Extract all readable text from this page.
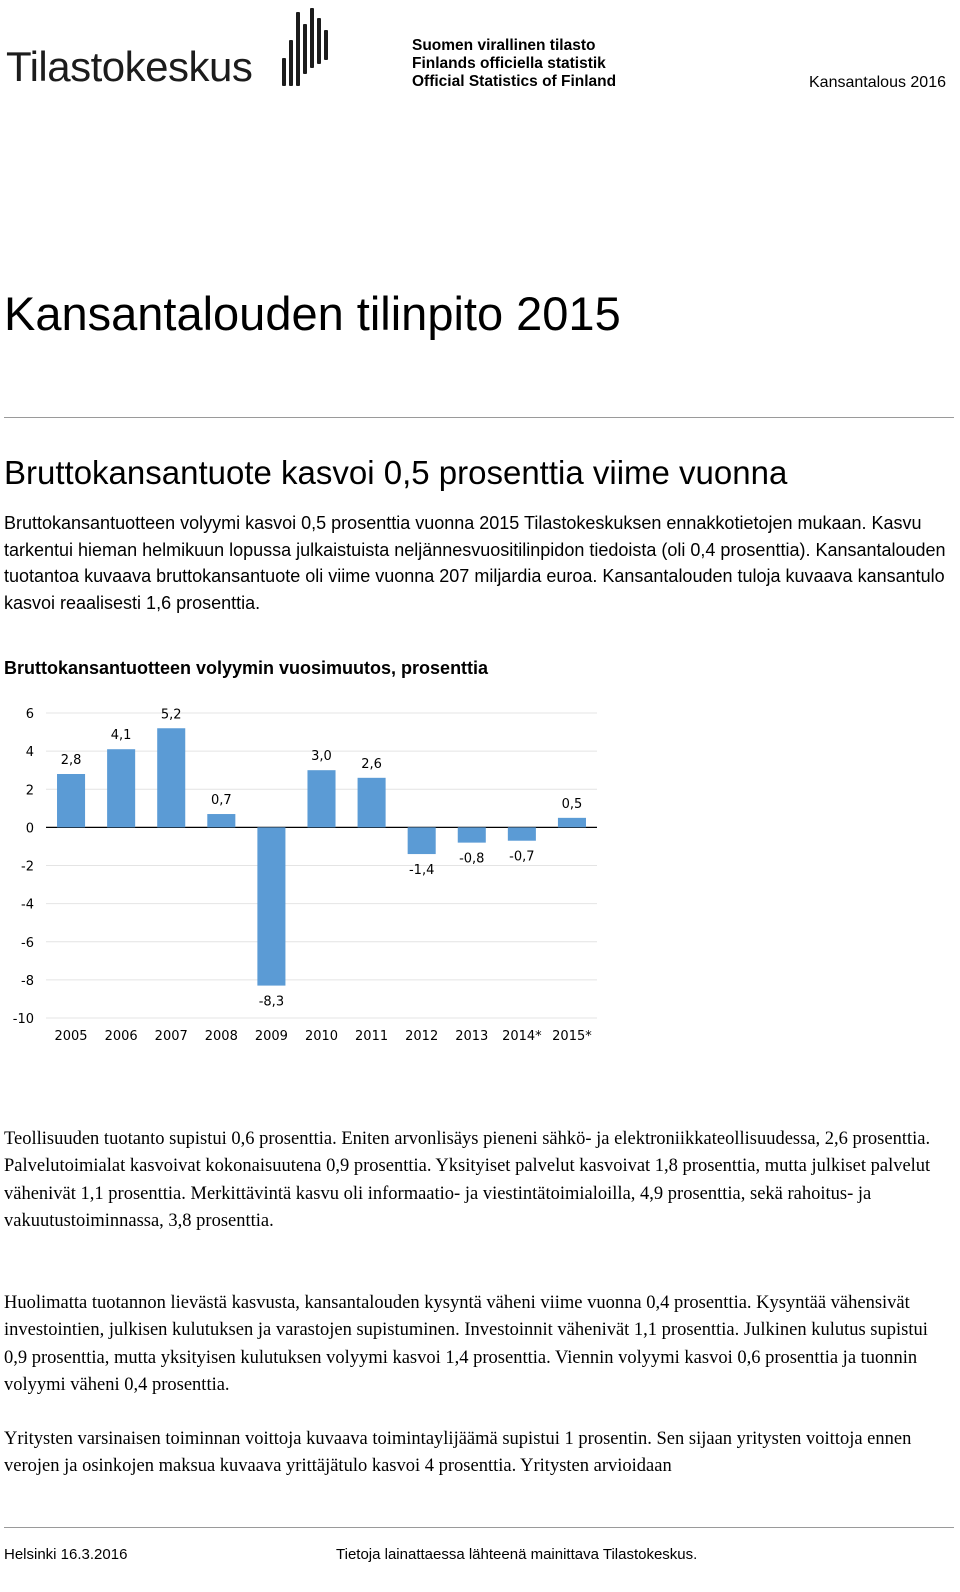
Tilastokeskus	Suomen virallinen tilasto
Finlands officiella statistik
Official Statistics of Finland	Kansantalous 2016
Kansantalouden tilinpito 2015
Bruttokansantuote kasvoi 0,5 prosenttia viime vuonna

Bruttokansantuotteen volyymi kasvoi 0,5 prosenttia vuonna 2015 Tilastokeskuksen ennakkotietojen mukaan. Kasvu tarkentui hieman helmikuun lopussa julkaistuista neljännesvuositilinpidon tiedoista (oli 0,4 prosenttia). Kansantalouden tuotantoa kuvaava bruttokansantuote oli viime vuonna 207 miljardia euroa. Kansantalouden tuloja kuvaava kansantulo kasvoi reaalisesti 1,6 prosenttia.

Bruttokansantuotteen volyymin vuosimuutos, prosenttia
2,8
4,1
5,2
0,7
-8,3
3,0
2,6
-1,4
-0,8 -0,7
0,5
6
4
2
0
-2
-4
-6
-8
-10
2005 2006 2007 2008 2009 2010 2011 2012 2013 2014* 2015*

Teollisuuden tuotanto supistui 0,6 prosenttia. Eniten arvonlisäys pieneni sähkö- ja elektroniikkateollisuudessa, 2,6 prosenttia. Palvelutoimialat kasvoivat kokonaisuutena 0,9 prosenttia. Yksityiset palvelut kasvoivat 1,8 prosenttia, mutta julkiset palvelut vähenivät 1,1 prosenttia. Merkittävintä kasvu oli informaatio- ja viestintätoimialoilla, 4,9 prosenttia, sekä rahoitus- ja vakuutustoiminnassa, 3,8 prosenttia.

Huolimatta tuotannon lievästä kasvusta, kansantalouden kysyntä väheni viime vuonna 0,4 prosenttia. Kysyntää vähensivät investointien, julkisen kulutuksen ja varastojen supistuminen. Investoinnit vähenivät 1,1 prosenttia. Julkinen kulutus supistui 0,9 prosenttia, mutta yksityisen kulutuksen volyymi kasvoi 1,4 prosenttia. Viennin volyymi kasvoi 0,6 prosenttia ja tuonnin volyymi väheni 0,4 prosenttia.

Yritysten varsinaisen toiminnan voittoja kuvaava toimintaylijäämä supistui 1 prosentin. Sen sijaan yritysten voittoja ennen verojen ja osinkojen maksua kuvaava yrittäjätulo kasvoi 4 prosenttia. Yritysten arvioidaan

Helsinki 16.3.2016	Tietoja lainattaessa lähteenä mainittava Tilastokeskus.
